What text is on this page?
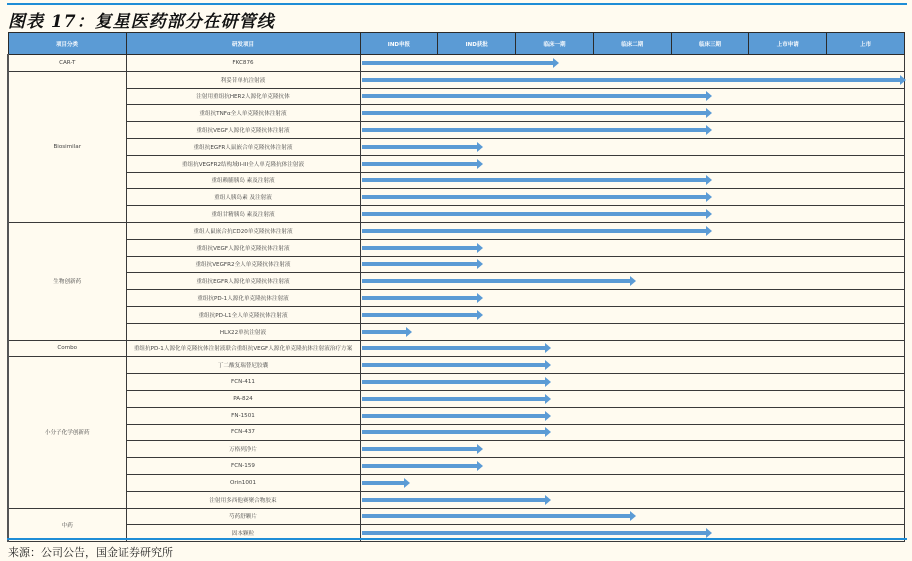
图表 17：复星医药部分在研管线
项目分类	研发项目	IND申报	IND获批	临床一期	临床二期	临床三期	上市申请	上市
CAR-T	FKC876							

Biosimilar	利妥昔单抗注射液							

	注射用重组抗HER2人源化单克隆抗体							

	重组抗TNFα全人单克隆抗体注射液							

	重组抗VEGF人源化单克隆抗体注射液							

	重组抗EGFR人鼠嵌合单克隆抗体注射液							

	重组抗VEGFR2结构域II-III全人单克隆抗体注射液							

	重组赖脯胰岛 素及注射液							

	重组人胰岛素 及注射液							

	重组甘精胰岛 素及注射液							

生物创新药	重组人鼠嵌合抗CD20单克隆抗体注射液							

	重组抗VEGF人源化单克隆抗体注射液							

	重组抗VEGFR2全人单克隆抗体注射液							

	重组抗EGFR人源化单克隆抗体注射液							

	重组抗PD-1人源化单克隆抗体注射液							

	重组抗PD-L1全人单克隆抗体注射液							

	HLX22单抗注射液							

Combo	重组抗PD-1人源化单克隆抗体注射液联合重组抗VEGF人源化单克隆抗体注射液治疗方案							

小分子化学创新药	丁二酸复瑞替尼胶囊							

	FCN-411							

	PA-824							

	FN-1501							

	FCN-437							

	万格列净片							

	FCN-159							

	Orin1001							

	注射用多西他赛聚合物胶束							

中药	芍药舒颗片							

	固本颗粒							
来源：公司公告，国金证券研究所
